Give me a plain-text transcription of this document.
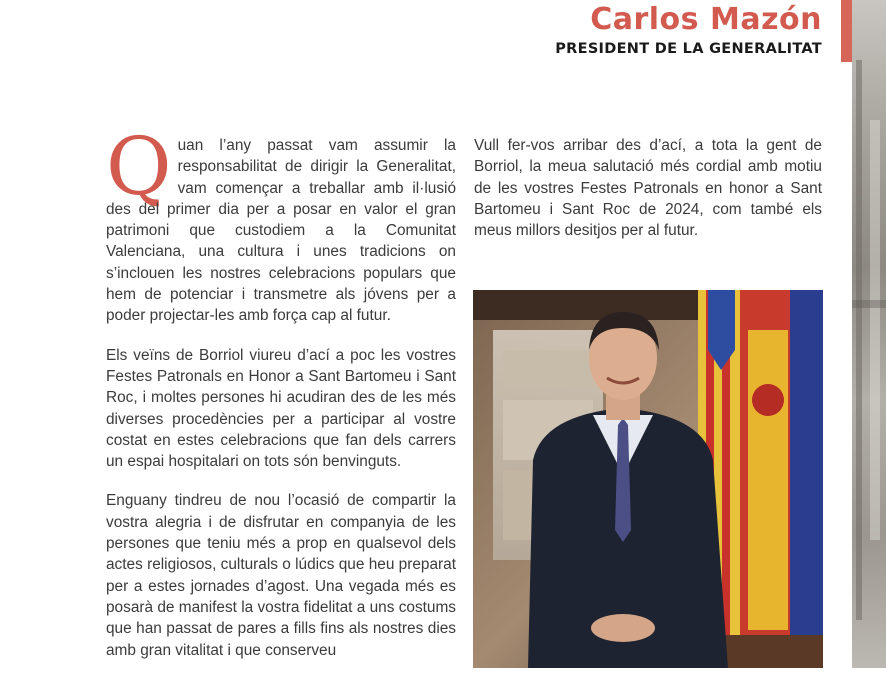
Carlos Mazón
PRESIDENT DE LA GENERALITAT

Quan l’any passat vam assumir la responsabilitat de dirigir la Generalitat, vam començar a treballar amb il·lusió des del primer dia per a posar en valor el gran patrimoni que custodiem a la Comunitat Valenciana, una cultura i unes tradicions on s’inclouen les nostres celebracions populars que hem de potenciar i transmetre als jóvens per a poder projectar-les amb força cap al futur.

Els veïns de Borriol viureu d’ací a poc les vostres Festes Patronals en Honor a Sant Bartomeu i Sant Roc, i moltes persones hi acudiran des de les més diverses procedències per a participar al vostre costat en estes celebracions que fan dels carrers un espai hospitalari on tots són benvinguts.

Enguany tindreu de nou l’ocasió de compartir la vostra alegria i de disfrutar en companyia de les persones que teniu més a prop en qualsevol dels actes religiosos, culturals o lúdics que heu preparat per a estes jornades d’agost. Una vegada més es posarà de manifest la vostra fidelitat a uns costums que han passat de pares a fills fins als nostres dies amb gran vitalitat i que conserveu

Vull fer-vos arribar des d’ací, a tota la gent de Borriol, la meua salutació més cordial amb motiu de les vostres Festes Patronals en honor a Sant Bartomeu i Sant Roc de 2024, com també els meus millors desitjos per al futur.
